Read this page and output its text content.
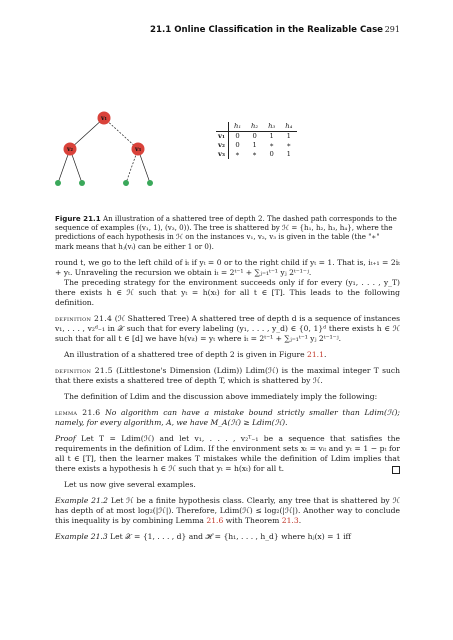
21.1 Online Classification in the Realizable Case 291
v₁
v₂	v₃
	h₁	h₂	h₃	h₄
v₁	0	0	1	1
v₂	0	1	∗	∗
v₃	∗	∗	0	1
Figure 21.1 An illustration of a shattered tree of depth 2. The dashed path corresponds to the sequence of examples ((v₁, 1), (v₃, 0)). The tree is shattered by ℋ = {h₁, h₂, h₃, h₄}, where the predictions of each hypothesis in ℋ on the instances v₁, v₂, v₃ is given in the table (the "∗" mark means that hⱼ(vᵢ) can be either 1 or 0).

round t, we go to the left child of iₜ if yₜ = 0 or to the right child if yₜ = 1. That is, iₜ₊₁ = 2iₜ + yₜ. Unraveling the recursion we obtain iₜ = 2ᵗ⁻¹ + ∑ⱼ₌₁ᵗ⁻¹ yⱼ 2ᵗ⁻¹⁻ʲ.

The preceding strategy for the environment succeeds only if for every (y₁, . . . , y_T) there exists h ∈ ℋ such that yₜ = h(xₜ) for all t ∈ [T]. This leads to the following definition.

definition 21.4 (ℋ Shattered Tree) A shattered tree of depth d is a sequence of instances v₁, . . . , v₂ᵈ₋₁ in 𝒳 such that for every labeling (y₁, . . . , y_d) ∈ {0, 1}ᵈ there exists h ∈ ℋ such that for all t ∈ [d] we have h(vᵢₜ) = yₜ where iₜ = 2ᵗ⁻¹ + ∑ⱼ₌₁ᵗ⁻¹ yⱼ 2ᵗ⁻¹⁻ʲ.

An illustration of a shattered tree of depth 2 is given in Figure 21.1.

definition 21.5 (Littlestone's Dimension (Ldim)) Ldim(ℋ) is the maximal integer T such that there exists a shattered tree of depth T, which is shattered by ℋ.

The definition of Ldim and the discussion above immediately imply the following:

lemma 21.6 No algorithm can have a mistake bound strictly smaller than Ldim(ℋ); namely, for every algorithm, A, we have M_A(ℋ) ≥ Ldim(ℋ).

Proof Let T = Ldim(ℋ) and let v₁, . . . , v₂ᵀ₋₁ be a sequence that satisfies the requirements in the definition of Ldim. If the environment sets xₜ = vᵢₜ and yₜ = 1 − pₜ for all t ∈ [T], then the learner makes T mistakes while the definition of Ldim implies that there exists a hypothesis h ∈ ℋ such that yₜ = h(xₜ) for all t.

Let us now give several examples.

Example 21.2 Let ℋ be a finite hypothesis class. Clearly, any tree that is shattered by ℋ has depth of at most log₂(|ℋ|). Therefore, Ldim(ℋ) ≤ log₂(|ℋ|). Another way to conclude this inequality is by combining Lemma 21.6 with Theorem 21.3.

Example 21.3 Let 𝒳 = {1, . . . , d} and ℋ = {h₁, . . . , h_d} where hⱼ(x) = 1 iff
